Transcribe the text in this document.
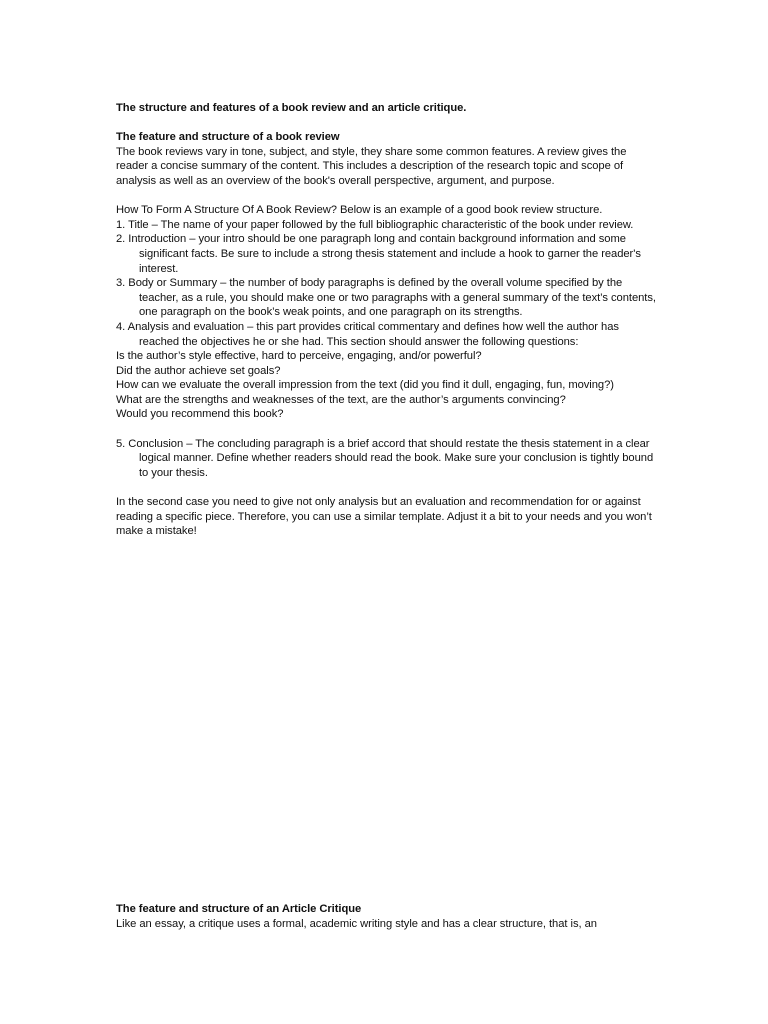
The structure and features of a book review and an article critique.

The feature and structure of a book review

The book reviews vary in tone, subject, and style, they share some common features. A review gives the reader a concise summary of the content. This includes a description of the research topic and scope of analysis as well as an overview of the book's overall perspective, argument, and purpose.

How To Form A Structure Of A Book Review? Below is an example of a good book review structure.

1. Title – The name of your paper followed by the full bibliographic characteristic of the book under review.

2. Introduction – your intro should be one paragraph long and contain background information and some significant facts. Be sure to include a strong thesis statement and include a hook to garner the reader's interest.

3. Body or Summary – the number of body paragraphs is defined by the overall volume specified by the teacher, as a rule, you should make one or two paragraphs with a general summary of the text’s contents, one paragraph on the book’s weak points, and one paragraph on its strengths.

4. Analysis and evaluation – this part provides critical commentary and defines how well the author has reached the objectives he or she had. This section should answer the following questions:

Is the author’s style effective, hard to perceive, engaging, and/or powerful?

Did the author achieve set goals?

How can we evaluate the overall impression from the text (did you find it dull, engaging, fun, moving?)

What are the strengths and weaknesses of the text, are the author’s arguments convincing?

Would you recommend this book?

5. Conclusion – The concluding paragraph is a brief accord that should restate the thesis statement in a clear logical manner. Define whether readers should read the book. Make sure your conclusion is tightly bound to your thesis.

In the second case you need to give not only analysis but an evaluation and recommendation for or against reading a specific piece. Therefore, you can use a similar template. Adjust it a bit to your needs and you won’t make a mistake!

The feature and structure of an Article Critique

Like an essay, a critique uses a formal, academic writing style and has a clear structure, that is, an
